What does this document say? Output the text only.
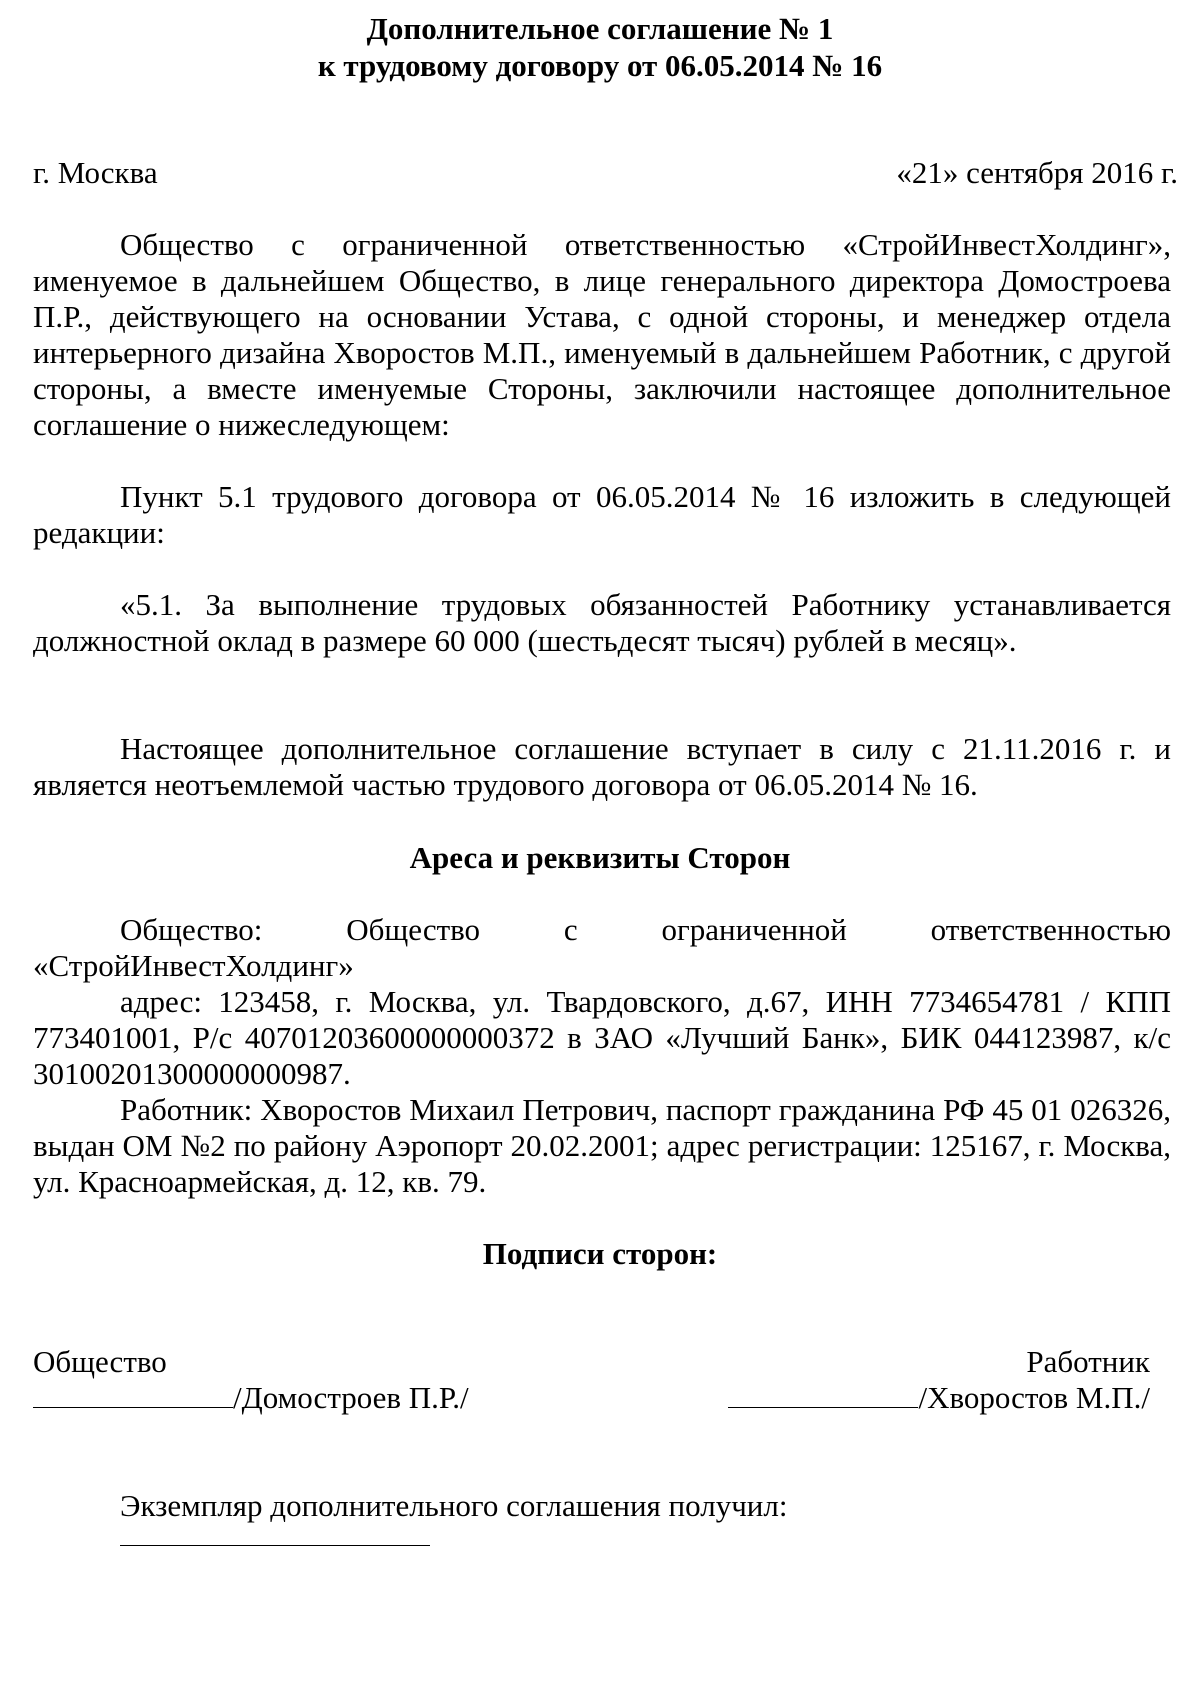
Дополнительное соглашение № 1
к трудовому договору от 06.05.2014 № 16
г. Москва	«21» сентября 2016 г.

Общество с ограниченной ответственностью «СтройИнвестХолдинг», именуемое в дальнейшем Общество, в лице генерального директора Домостроева П.Р., действующего на основании Устава, с одной стороны, и менеджер отдела интерьерного дизайна Хворостов М.П., именуемый в дальнейшем Работник, с другой стороны, а вместе именуемые Стороны, заключили настоящее дополнительное соглашение о нижеследующем:

Пункт 5.1 трудового договора от 06.05.2014 № 16 изложить в следующей редакции:

«5.1. За выполнение трудовых обязанностей Работнику устанавливается должностной оклад в размере 60 000 (шестьдесят тысяч) рублей в месяц».

Настоящее дополнительное соглашение вступает в силу с 21.11.2016 г. и является неотъемлемой частью трудового договора от 06.05.2014 № 16.

Ареса и реквизиты Сторон

Общество: Общество с ограниченной ответственностью «СтройИнвестХолдинг»

адрес: 123458, г. Москва, ул. Твардовского, д.67, ИНН 7734654781 / КПП 773401001, Р/с 40701203600000000372 в ЗАО «Лучший Банк», БИК 044123987, к/с 30100201300000000987.

Работник: Хворостов Михаил Петрович, паспорт гражданина РФ 45 01 026326, выдан ОМ №2 по району Аэропорт 20.02.2001; адрес регистрации: 125167, г. Москва, ул. Красноармейская, д. 12, кв. 79.

Подписи сторон:
Общество	Работник
/Домостроев П.Р./	/Хворостов М.П./
Экземпляр дополнительного соглашения получил:
